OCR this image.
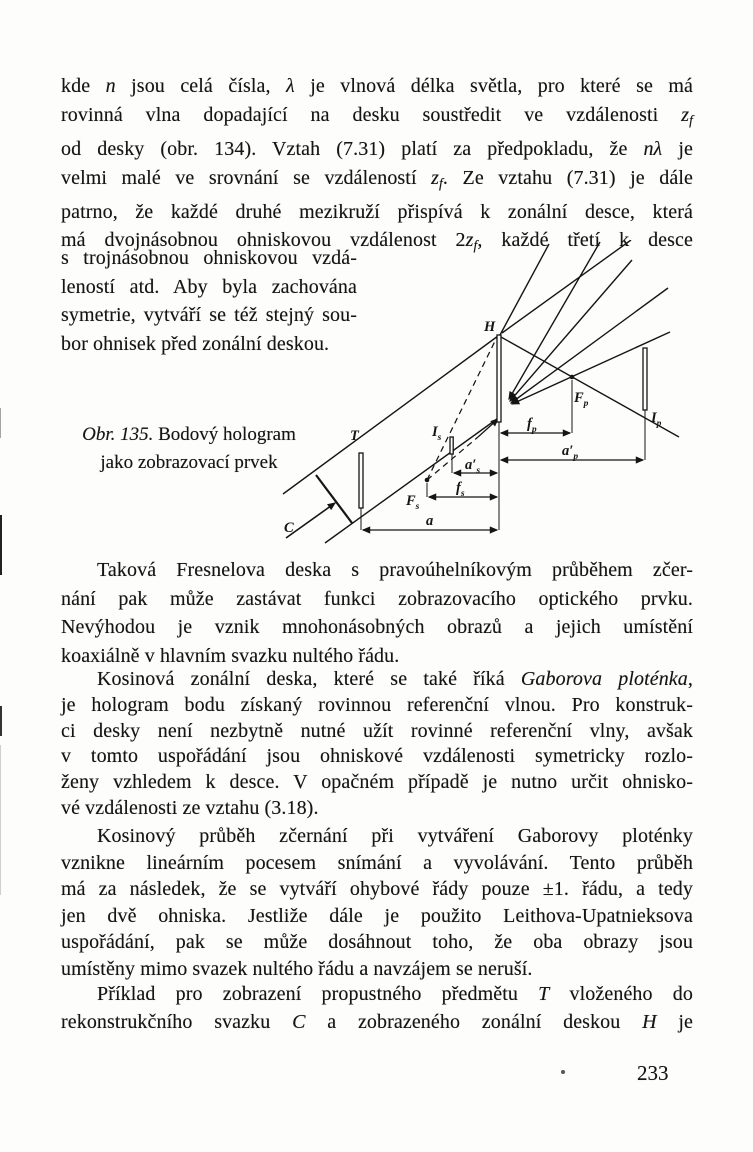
kde n jsou celá čísla, λ je vlnová délka světla, pro které se má
rovinná vlna dopadající na desku soustředit ve vzdálenosti $z_f$
od desky (obr. 134). Vztah (7.31) platí za předpokladu, že nλ je
velmi malé ve srovnání se vzdáleností $z_f$. Ze vztahu (7.31) je dále
patrno, že každé druhé mezikruží přispívá k zonální desce, která
má dvojnásobnou ohniskovou vzdálenost $2z_f$, každé třetí k desce
s trojnásobnou ohniskovou vzdá-
leností atd. Aby byla zachována
symetrie, vytváří se též stejný sou-
bor ohnisek před zonální deskou.
Obr. 135. Bodový hologram
jako zobrazovací prvek
H
T
C	a
$I_s$
$F_s$
$f_s$
$a'_s$
$f_p$
$F_p$
$a'_p$
$I_p$
Taková Fresnelova deska s pravoúhelníkovým průběhem zčer-
nání pak může zastávat funkci zobrazovacího optického prvku.
Nevýhodou je vznik mnohonásobných obrazů a jejich umístění
koaxiálně v hlavním svazku nultého řádu.
Kosinová zonální deska, které se také říká Gaborova ploténka,
je hologram bodu získaný rovinnou referenční vlnou. Pro konstruk-
ci desky není nezbytně nutné užít rovinné referenční vlny, avšak
v tomto uspořádání jsou ohniskové vzdálenosti symetricky rozlo-
ženy vzhledem k desce. V opačném případě je nutno určit ohnisko-
vé vzdálenosti ze vztahu (3.18).
Kosinový průběh zčernání při vytváření Gaborovy ploténky
vznikne lineárním pocesem snímání a vyvolávání. Tento průběh
má za následek, že se vytváří ohybové řády pouze ±1. řádu, a tedy
jen dvě ohniska. Jestliže dále je použito Leithova-Upatnieksova
uspořádání, pak se může dosáhnout toho, že oba obrazy jsou
umístěny mimo svazek nultého řádu a navzájem se neruší.
Příklad pro zobrazení propustného předmětu T vloženého do
rekonstrukčního svazku C a zobrazeného zonální deskou H je
233
